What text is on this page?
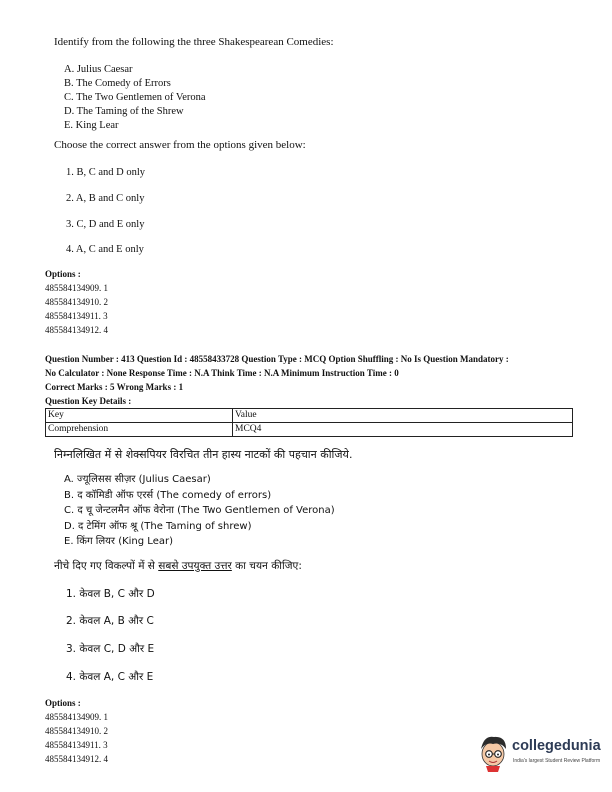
Identify from the following the three Shakespearean Comedies:
A. Julius Caesar
B. The Comedy of Errors
C. The Two Gentlemen of Verona
D. The Taming of the Shrew
E. King Lear
Choose the correct answer from the options given below:
1. B, C and D only
2. A, B and C only
3. C, D and E only
4. A, C and E only
Options :
485584134909. 1
485584134910. 2
485584134911. 3
485584134912. 4
Question Number : 413 Question Id : 48558433728 Question Type : MCQ Option Shuffling : No Is Question Mandatory :
No Calculator : None Response Time : N.A Think Time : N.A Minimum Instruction Time : 0
Correct Marks : 5 Wrong Marks : 1
Question Key Details :
Key	Value
Comprehension	MCQ4
निम्नलिखित में से शेक्सपियर विरचित तीन हास्य नाटकों की पहचान कीजिये.
A. ज्यूलिसस सीज़र (Julius Caesar)
B. द कॉमिडी ऑफ एरर्स (The comedy of errors)
C. द चू जेन्टलमैन ऑफ वेरोना (The Two Gentlemen of Verona)
D. द टेमिंग ऑफ श्रू (The Taming of shrew)
E. किंग लियर (King Lear)
नीचे दिए गए विकल्पों में से सबसे उपयुक्त उत्तर का चयन कीजिए:
1. केवल B, C और D
2. केवल A, B और C
3. केवल C, D और E
4. केवल A, C और E
Options :
485584134909. 1
485584134910. 2
485584134911. 3
485584134912. 4
collegedunia
India's largest Student Review Platform
